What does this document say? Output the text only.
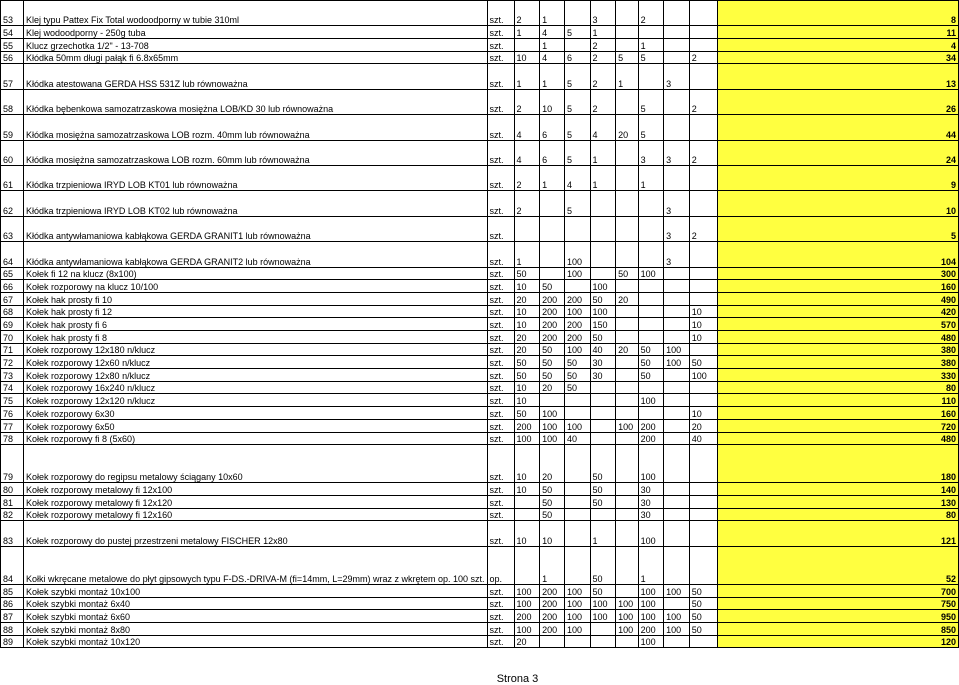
53	Klej typu Pattex Fix Total wodoodporny w tubie 310ml	szt.	2	1		3		2			8
54	Klej wodoodporny - 250g tuba	szt.	1	4	5	1					11
55	Klucz grzechotka 1/2" - 13-708	szt.		1		2		1			4
56	Kłódka 50mm długi pałąk fi 6.8x65mm	szt.	10	4	6	2	5	5		2	34
57	Kłódka atestowana GERDA HSS 531Z lub równoważna	szt.	1	1	5	2	1		3		13
58	Kłódka bębenkowa samozatrzaskowa mosiężna LOB/KD 30 lub równoważna	szt.	2	10	5	2		5		2	26
59	Kłódka mosiężna samozatrzaskowa LOB rozm. 40mm lub równoważna	szt.	4	6	5	4	20	5			44
60	Kłódka mosiężna samozatrzaskowa LOB rozm. 60mm lub równoważna	szt.	4	6	5	1		3	3	2	24
61	Kłódka trzpieniowa IRYD LOB KT01 lub równoważna	szt.	2	1	4	1		1			9
62	Kłódka trzpieniowa IRYD LOB KT02 lub równoważna	szt.	2		5				3		10
63	Kłódka antywłamaniowa kabłąkowa GERDA GRANIT1 lub równoważna	szt.							3	2	5
64	Kłódka antywłamaniowa kabłąkowa GERDA GRANIT2 lub równoważna	szt.	1		100				3		104
65	Kołek fi 12 na klucz (8x100)	szt.	50		100		50	100			300
66	Kołek rozporowy na klucz 10/100	szt.	10	50		100					160
67	Kołek hak prosty fi 10	szt.	20	200	200	50	20				490
68	Kołek hak prosty fi 12	szt.	10	200	100	100				10	420
69	Kołek hak prosty fi 6	szt.	10	200	200	150				10	570
70	Kołek hak prosty fi 8	szt.	20	200	200	50				10	480
71	Kołek rozporowy 12x180 n/klucz	szt.	20	50	100	40	20	50	100		380
72	Kołek rozporowy 12x60 n/klucz	szt.	50	50	50	30		50	100	50	380
73	Kołek rozporowy 12x80 n/klucz	szt.	50	50	50	30		50		100	330
74	Kołek rozporowy 16x240 n/klucz	szt.	10	20	50						80
75	Kołek rozporowy 12x120 n/klucz	szt.	10					100			110
76	Kołek rozporowy 6x30	szt.	50	100						10	160
77	Kołek rozporowy 6x50	szt.	200	100	100		100	200		20	720
78	Kołek rozporowy fi 8 (5x60)	szt.	100	100	40			200		40	480
79	Kołek rozporowy do regipsu metalowy ściągany 10x60	szt.	10	20		50		100			180
80	Kołek rozporowy metalowy fi 12x100	szt.	10	50		50		30			140
81	Kołek rozporowy metalowy fi 12x120	szt.		50		50		30			130
82	Kołek rozporowy metalowy fi 12x160	szt.		50				30			80
83	Kołek rozporowy do pustej przestrzeni metalowy FISCHER 12x80	szt.	10	10		1		100			121
84	Kołki wkręcane metalowe do płyt gipsowych typu F-DS.-DRIVA-M (fi=14mm, L=29mm) wraz z wkrętem op. 100 szt.	op.		1		50		1			52
85	Kołek szybki montaż 10x100	szt.	100	200	100	50		100	100	50	700
86	Kołek szybki montaż 6x40	szt.	100	200	100	100	100	100		50	750
87	Kołek szybki montaż 6x60	szt.	200	200	100	100	100	100	100	50	950
88	Kołek szybki montaż 8x80	szt.	100	200	100		100	200	100	50	850
89	Kołek szybki montaż 10x120	szt.	20					100			120
Strona 3
